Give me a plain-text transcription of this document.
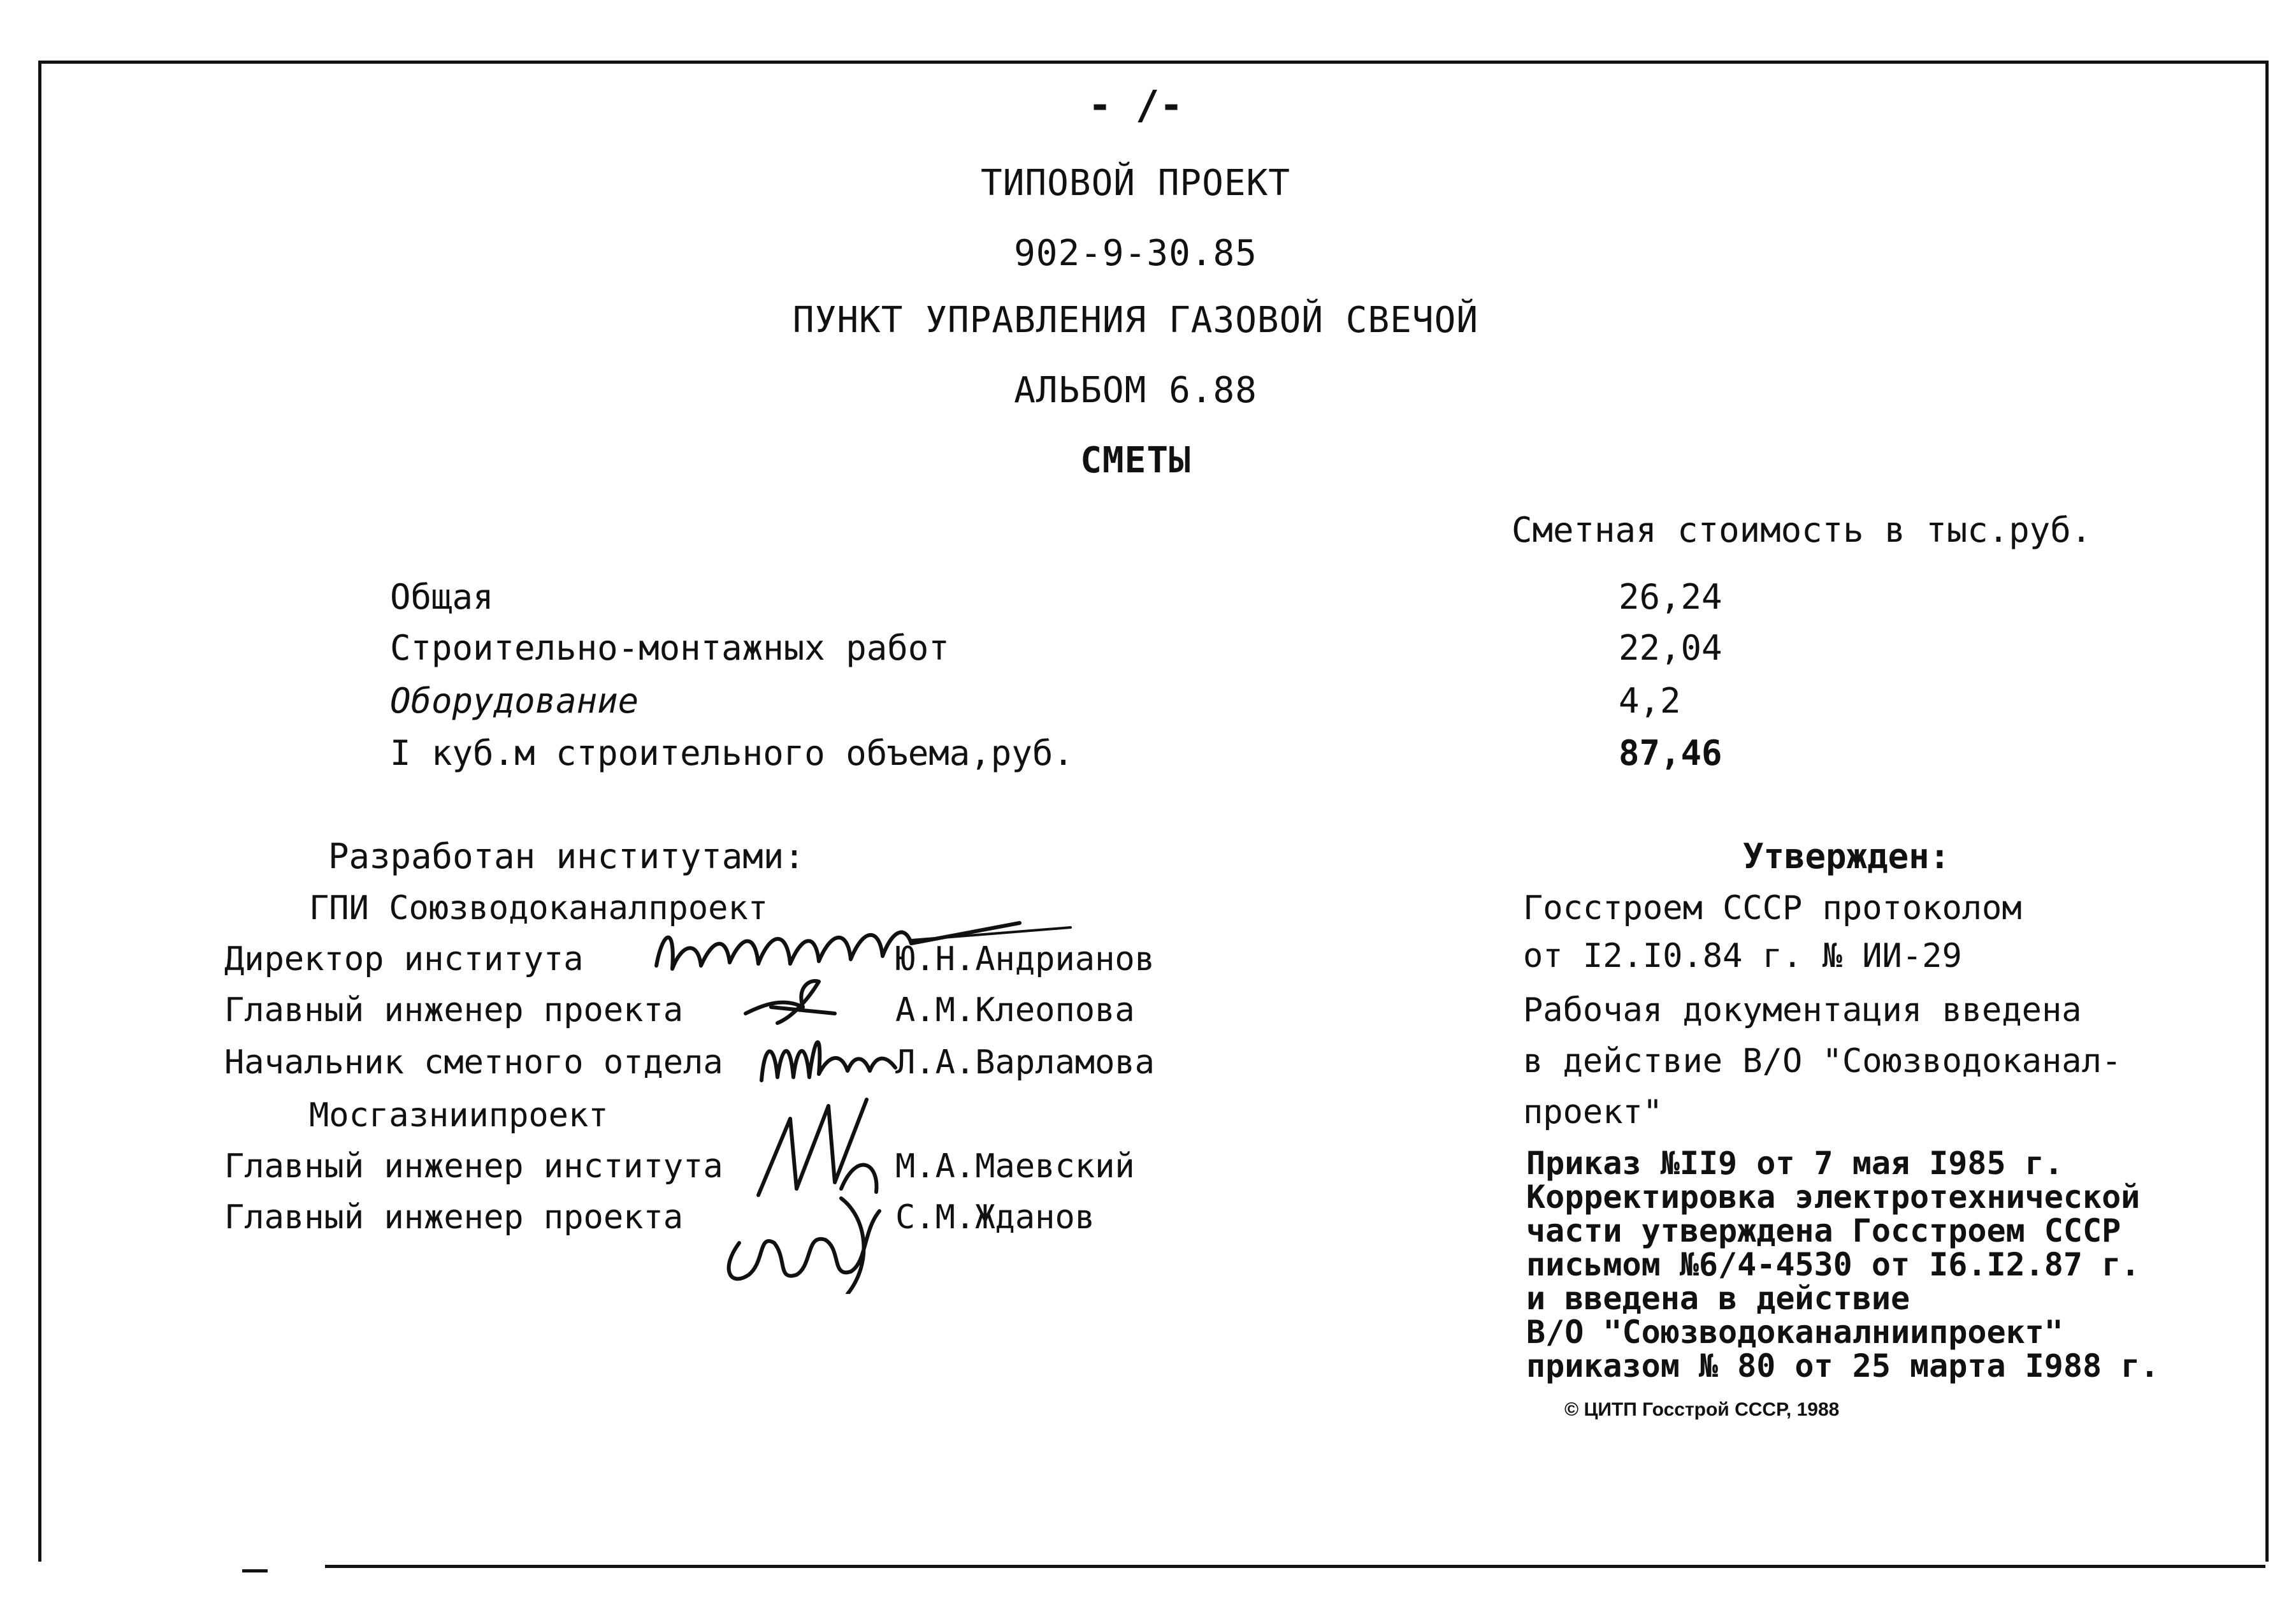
- /-
ТИПОВОЙ ПРОЕКТ
902-9-30.85
ПУНКТ УПРАВЛЕНИЯ ГАЗОВОЙ СВЕЧОЙ
АЛЬБОМ 6.88
СМЕТЫ
Сметная стоимость в тыс.руб.
Общая	26,24
Строительно-монтажных работ	22,04
Оборудование	4,2
I куб.м строительного объема,руб.	87,46
Разработан институтами:
ГПИ Союзводоканалпроект
Директор института	Ю.Н.Андрианов
Главный инженер проекта	А.М.Клеопова
Начальник сметного отдела	Л.А.Варламова
Мосгазниипроект
Главный инженер института	М.А.Маевский
Главный инженер проекта	С.М.Жданов
Утвержден:
Госстроем СССР протоколом
от I2.I0.84 г. № ИИ-29
Рабочая документация введена
в действие В/О "Союзводоканал-
проект"
Приказ №II9 от 7 мая I985 г.
Корректировка электротехнической
части утверждена Госстроем СССР
письмом №6/4-4530 от I6.I2.87 г.
и введена в действие
В/О "Союзводоканалниипроект"
приказом № 80 от 25 марта I988 г.
© ЦИТП Госстрой СССР, 1988
